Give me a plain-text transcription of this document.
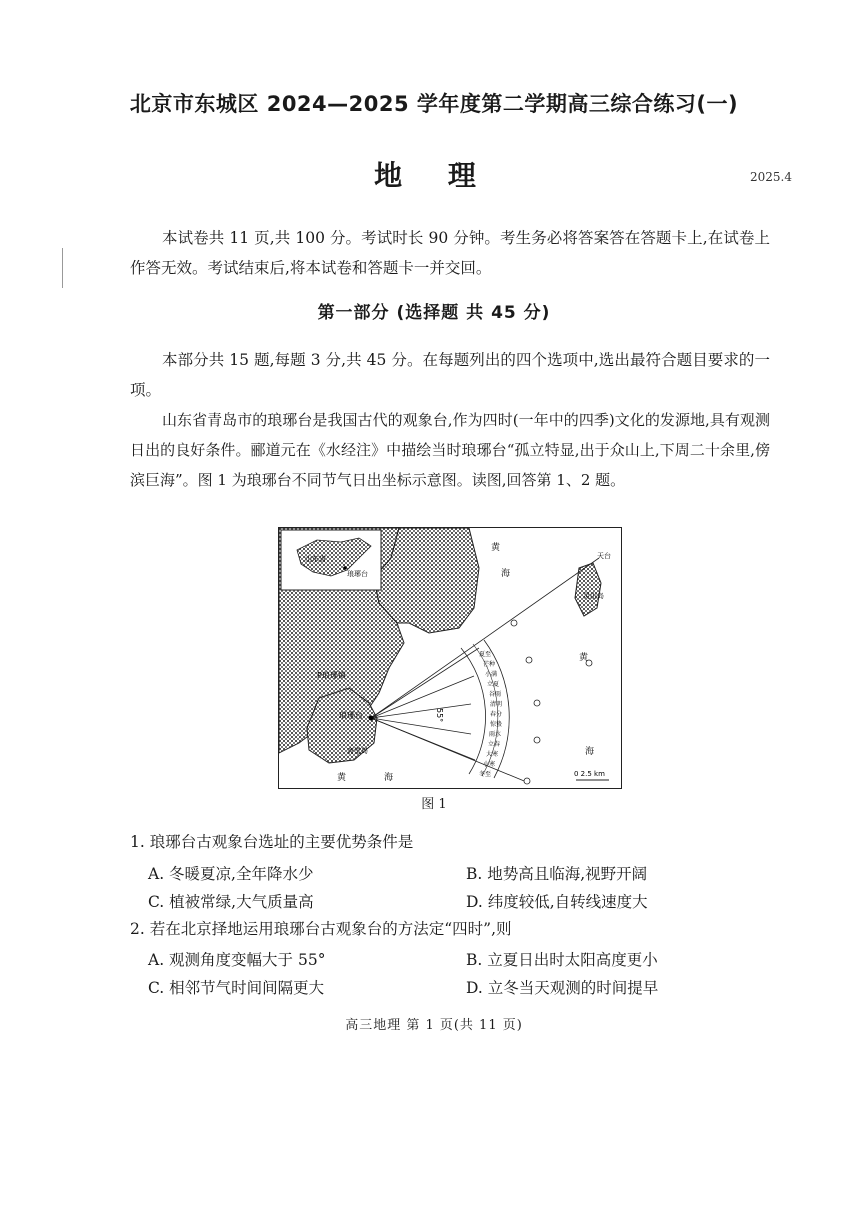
北京市东城区 2024—2025 学年度第二学期高三综合练习(一)
地 理	2025.4
本试卷共 11 页,共 100 分。考试时长 90 分钟。考生务必将答案答在答题卡上,在试卷上作答无效。考试结束后,将本试卷和答题卡一并交回。
第一部分 (选择题 共 45 分)
本部分共 15 题,每题 3 分,共 45 分。在每题列出的四个选项中,选出最符合题目要求的一项。
山东省青岛市的琅琊台是我国古代的观象台,作为四时(一年中的四季)文化的发源地,具有观测日出的良好条件。郦道元在《水经注》中描绘当时琅琊台“孤立特显,出于众山上,下周二十余里,傍滨巨海”。图 1 为琅琊台不同节气日出坐标示意图。读图,回答第 1、2 题。
山东省
琅琊台
55°
黄
海
黄
海
黄	海
灵山岛
天台
P琅琊镇
琅琊台
斋堂岛
0 2.5 km
夏至
芒种
小满
立夏
谷雨
清明
春分
惊蛰
雨水
立春
大寒
小寒
冬至
图 1
1. 琅琊台古观象台选址的主要优势条件是
A. 冬暖夏凉,全年降水少	B. 地势高且临海,视野开阔
C. 植被常绿,大气质量高	D. 纬度较低,自转线速度大
2. 若在北京择地运用琅琊台古观象台的方法定“四时”,则
A. 观测角度变幅大于 55°	B. 立夏日出时太阳高度更小
C. 相邻节气时间间隔更大	D. 立冬当天观测的时间提早
高三地理 第 1 页(共 11 页)
